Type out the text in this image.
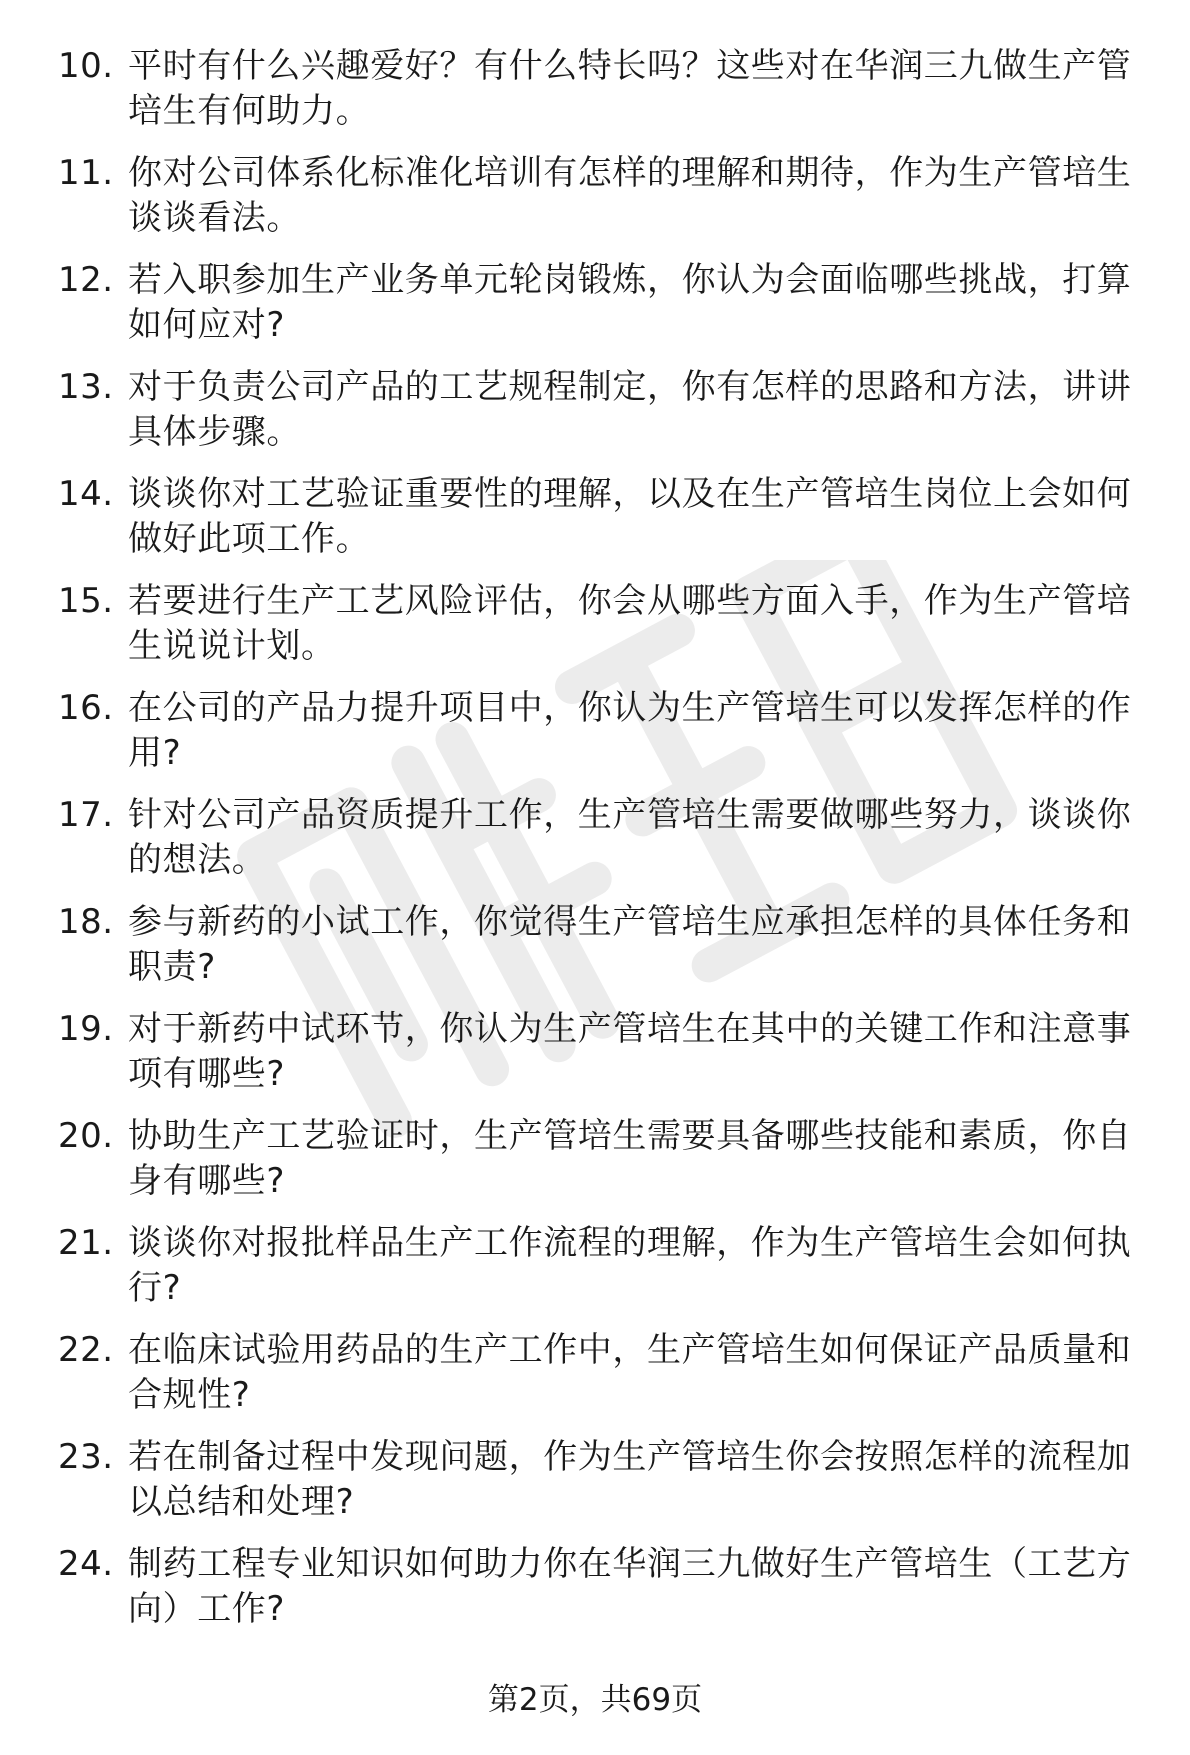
10. 平时有什么兴趣爱好？有什么特长吗？这些对在华润三九做生产管培生有何助力。
11. 你对公司体系化标准化培训有怎样的理解和期待，作为生产管培生谈谈看法。
12. 若入职参加生产业务单元轮岗锻炼，你认为会面临哪些挑战，打算如何应对?
13. 对于负责公司产品的工艺规程制定，你有怎样的思路和方法，讲讲具体步骤。
14. 谈谈你对工艺验证重要性的理解，以及在生产管培生岗位上会如何做好此项工作。
15. 若要进行生产工艺风险评估，你会从哪些方面入手，作为生产管培生说说计划。
16. 在公司的产品力提升项目中，你认为生产管培生可以发挥怎样的作用?
17. 针对公司产品资质提升工作，生产管培生需要做哪些努力，谈谈你的想法。
18. 参与新药的小试工作，你觉得生产管培生应承担怎样的具体任务和职责?
19. 对于新药中试环节，你认为生产管培生在其中的关键工作和注意事项有哪些?
20. 协助生产工艺验证时，生产管培生需要具备哪些技能和素质，你自身有哪些?
21. 谈谈你对报批样品生产工作流程的理解，作为生产管培生会如何执行?
22. 在临床试验用药品的生产工作中，生产管培生如何保证产品质量和合规性?
23. 若在制备过程中发现问题，作为生产管培生你会按照怎样的流程加以总结和处理?
24. 制药工程专业知识如何助力你在华润三九做好生产管培生（工艺方向）工作?
第2页，共69页
